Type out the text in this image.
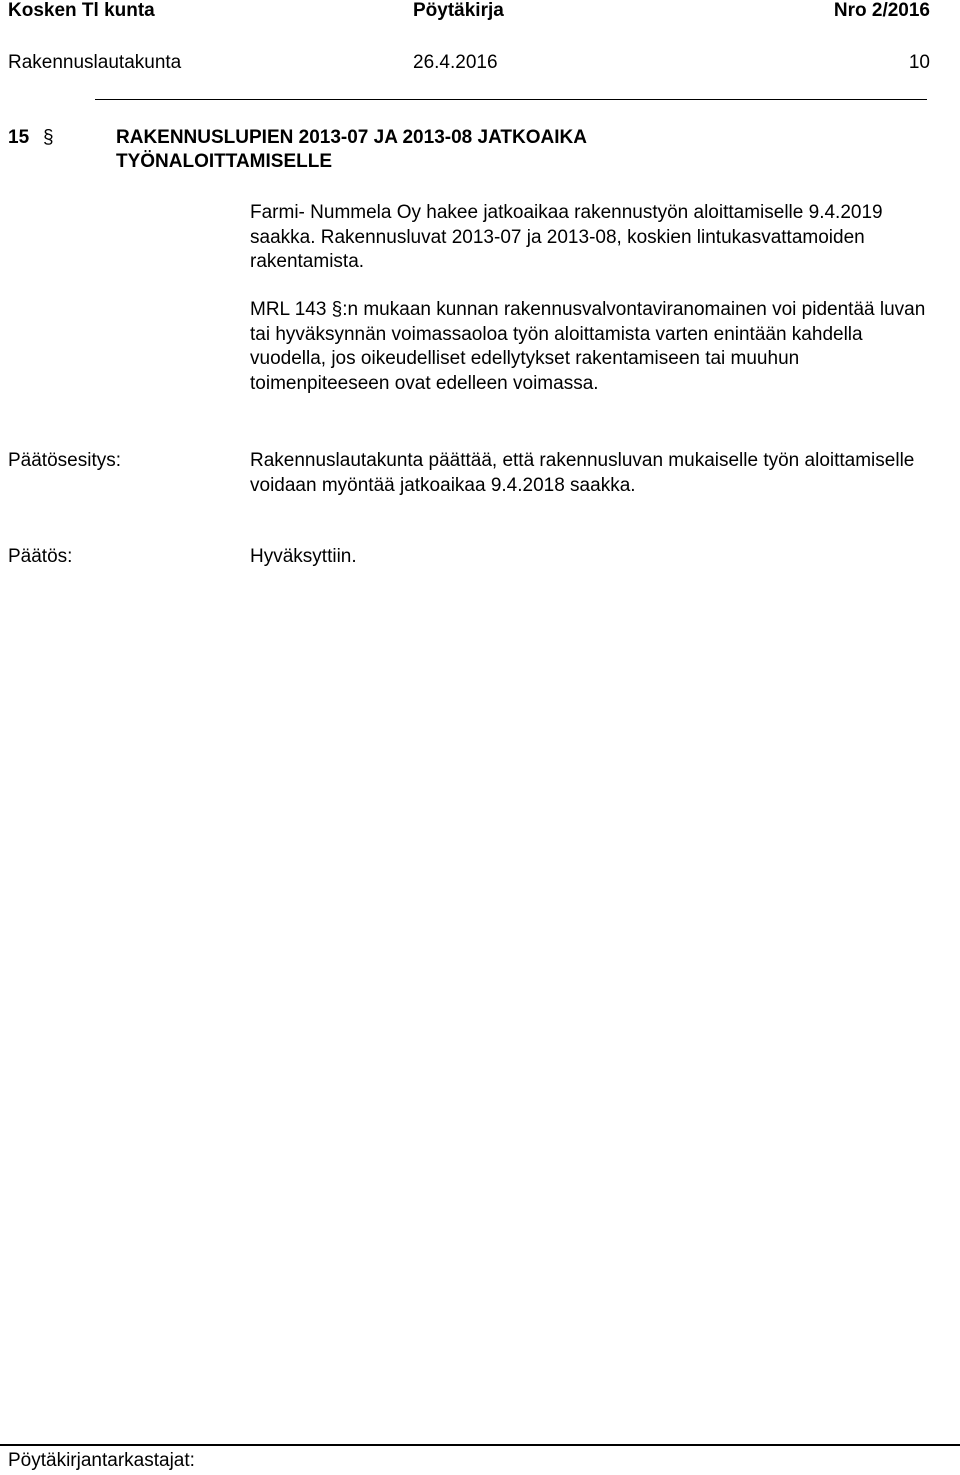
Kosken Tl kunta	Pöytäkirja	Nro 2/2016
Rakennuslautakunta	26.4.2016	10
15 §	RAKENNUSLUPIEN 2013-07 JA 2013-08 JATKOAIKA TYÖNALOITTAMISELLE
Farmi- Nummela Oy hakee jatkoaikaa rakennustyön aloittamiselle 9.4.2019 saakka. Rakennusluvat 2013-07 ja 2013-08, koskien lintukasvattamoiden rakentamista.
MRL 143 §:n mukaan kunnan rakennusvalvontaviranomainen voi pidentää luvan tai hyväksynnän voimassaoloa työn aloittamista varten enintään kahdella vuodella, jos oikeudelliset edellytykset rakentamiseen tai muuhun toimenpiteeseen ovat edelleen voimassa.
Päätösesitys:	Rakennuslautakunta päättää, että rakennusluvan mukaiselle työn aloittamiselle voidaan myöntää jatkoaikaa 9.4.2018 saakka.
Päätös:	Hyväksyttiin.
Pöytäkirjantarkastajat:
